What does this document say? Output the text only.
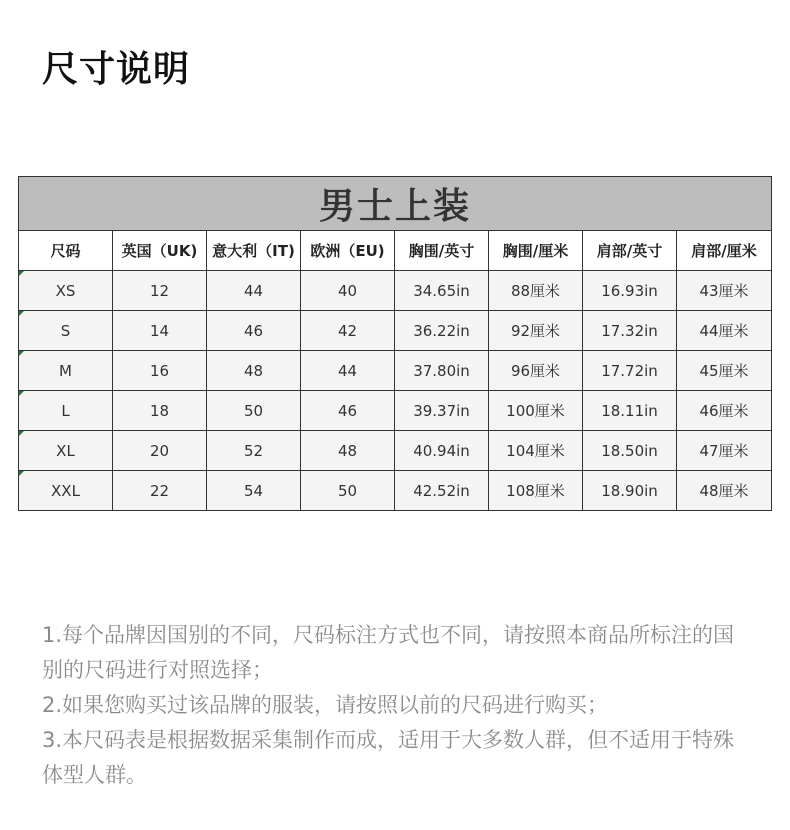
尺寸说明
男士上装							
尺码	英国（UK)	意大利（IT)	欧洲（EU)	胸围/英寸	胸围/厘米	肩部/英寸	肩部/厘米

XS	12	44	40	34.65in	88厘米	16.93in	43厘米

S	14	46	42	36.22in	92厘米	17.32in	44厘米

M	16	48	44	37.80in	96厘米	17.72in	45厘米

L	18	50	46	39.37in	100厘米	18.11in	46厘米

XL	20	52	48	40.94in	104厘米	18.50in	47厘米

XXL	22	54	50	42.52in	108厘米	18.90in	48厘米
1.每个品牌因国别的不同，尺码标注方式也不同，请按照本商品所标注的国别的尺码进行对照选择；
2.如果您购买过该品牌的服装，请按照以前的尺码进行购买；
3.本尺码表是根据数据采集制作而成，适用于大多数人群，但不适用于特殊体型人群。
